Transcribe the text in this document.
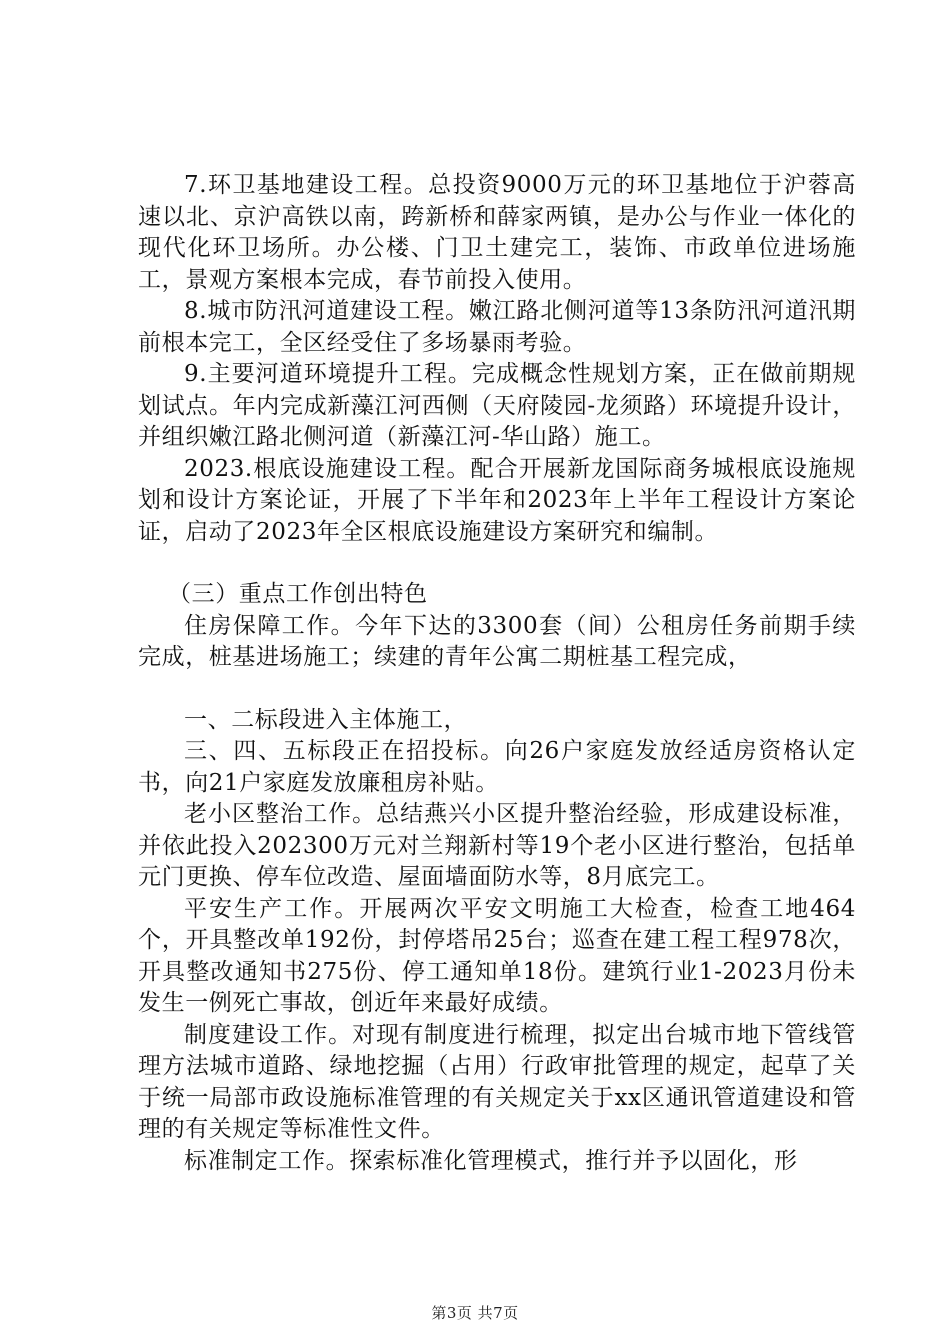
7.环卫基地建设工程。总投资9000万元的环卫基地位于沪蓉高速以北、京沪高铁以南，跨新桥和薛家两镇，是办公与作业一体化的现代化环卫场所。办公楼、门卫土建完工，装饰、市政单位进场施工，景观方案根本完成，春节前投入使用。

8.城市防汛河道建设工程。嫩江路北侧河道等13条防汛河道汛期前根本完工，全区经受住了多场暴雨考验。

9.主要河道环境提升工程。完成概念性规划方案，正在做前期规划试点。年内完成新藻江河西侧（天府陵园-龙须路）环境提升设计，并组织嫩江路北侧河道（新藻江河-华山路）施工。

2023.根底设施建设工程。配合开展新龙国际商务城根底设施规划和设计方案论证，开展了下半年和2023年上半年工程设计方案论证，启动了2023年全区根底设施建设方案研究和编制。

（三）重点工作创出特色

住房保障工作。今年下达的3300套（间）公租房任务前期手续完成，桩基进场施工；续建的青年公寓二期桩基工程完成，

一、二标段进入主体施工，

三、四、五标段正在招投标。向26户家庭发放经适房资格认定书，向21户家庭发放廉租房补贴。

老小区整治工作。总结燕兴小区提升整治经验，形成建设标准，并依此投入202300万元对兰翔新村等19个老小区进行整治，包括单元门更换、停车位改造、屋面墙面防水等，8月底完工。

平安生产工作。开展两次平安文明施工大检查，检查工地464个，开具整改单192份，封停塔吊25台；巡查在建工程工程978次，开具整改通知书275份、停工通知单18份。建筑行业1-2023月份未发生一例死亡事故，创近年来最好成绩。

制度建设工作。对现有制度进行梳理，拟定出台城市地下管线管理方法城市道路、绿地挖掘（占用）行政审批管理的规定，起草了关于统一局部市政设施标准管理的有关规定关于xx区通讯管道建设和管理的有关规定等标准性文件。

标准制定工作。探索标准化管理模式，推行并予以固化，形

第3页 共7页
